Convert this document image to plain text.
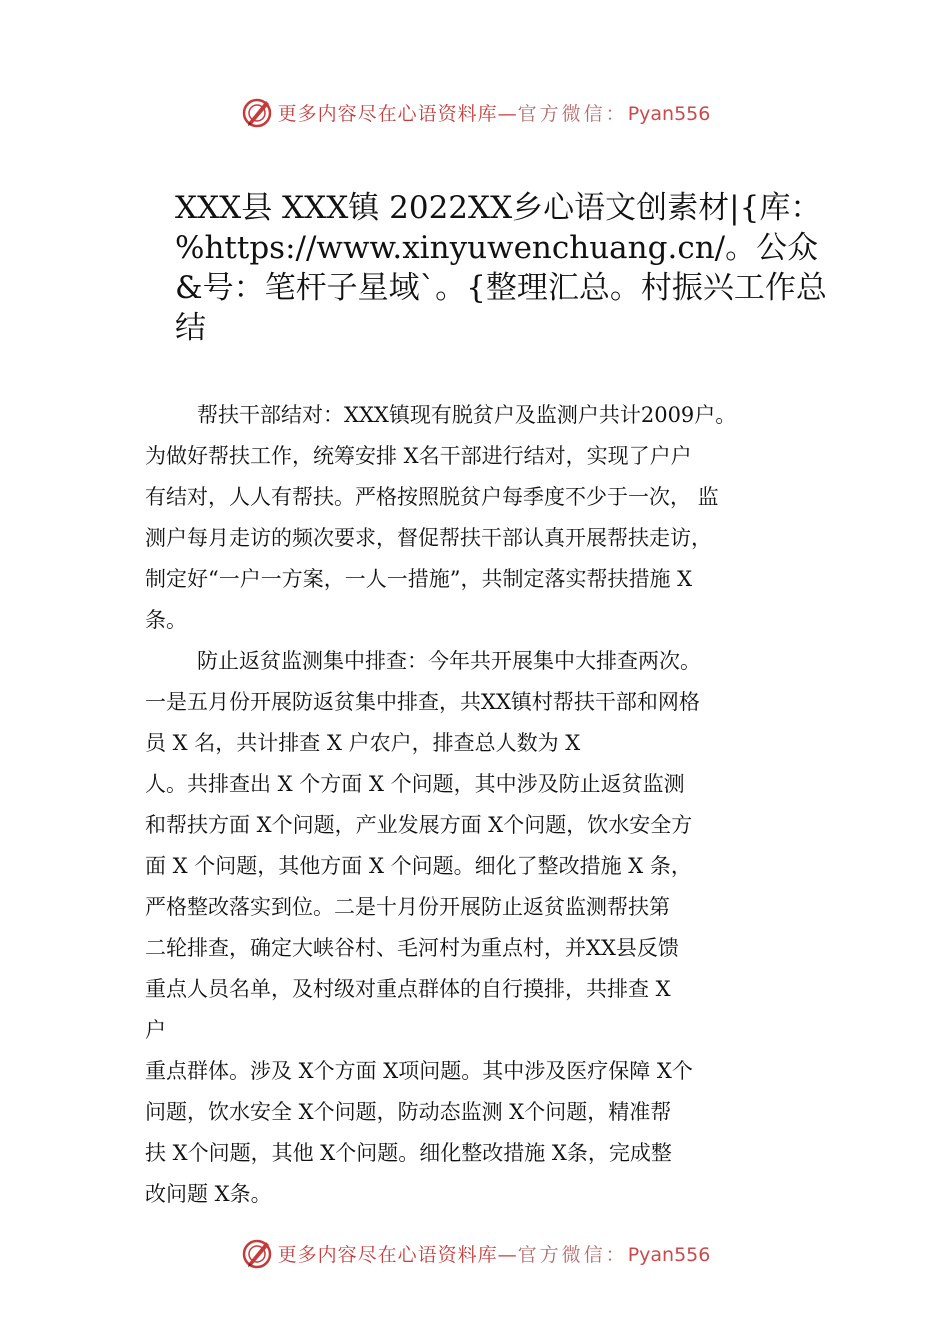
更多内容尽在心语资料库—官方微信：Pyan556
XXX县 XXX镇 2022XX乡心语文创素材|{库：%https://www.xinyuwenchuang.cn/。公众&号：笔杆子星域`。{整理汇总。村振兴工作总结
帮扶干部结对：XXX镇现有脱贫户及监测户共计2009户。
为做好帮扶工作，统筹安排 X名干部进行结对，实现了户户
有结对，人人有帮扶。严格按照脱贫户每季度不少于一次， 监
测户每月走访的频次要求，督促帮扶干部认真开展帮扶走访，
制定好“一户一方案，一人一措施”，共制定落实帮扶措施 X
条。
防止返贫监测集中排查：今年共开展集中大排查两次。
一是五月份开展防返贫集中排查，共XX镇村帮扶干部和网格
员 X 名，共计排查 X 户农户，排查总人数为 X
人。共排查出 X 个方面 X 个问题，其中涉及防止返贫监测
和帮扶方面 X个问题，产业发展方面 X个问题，饮水安全方
面 X 个问题，其他方面 X 个问题。细化了整改措施 X 条，
严格整改落实到位。二是十月份开展防止返贫监测帮扶第
二轮排查，确定大峡谷村、毛河村为重点村，并XX县反馈
重点人员名单，及村级对重点群体的自行摸排，共排查 X
户
重点群体。涉及 X个方面 X项问题。其中涉及医疗保障 X个
问题，饮水安全 X个问题，防动态监测 X个问题，精准帮
扶 X个问题，其他 X个问题。细化整改措施 X条，完成整
改问题 X条。
更多内容尽在心语资料库—官方微信：Pyan556
